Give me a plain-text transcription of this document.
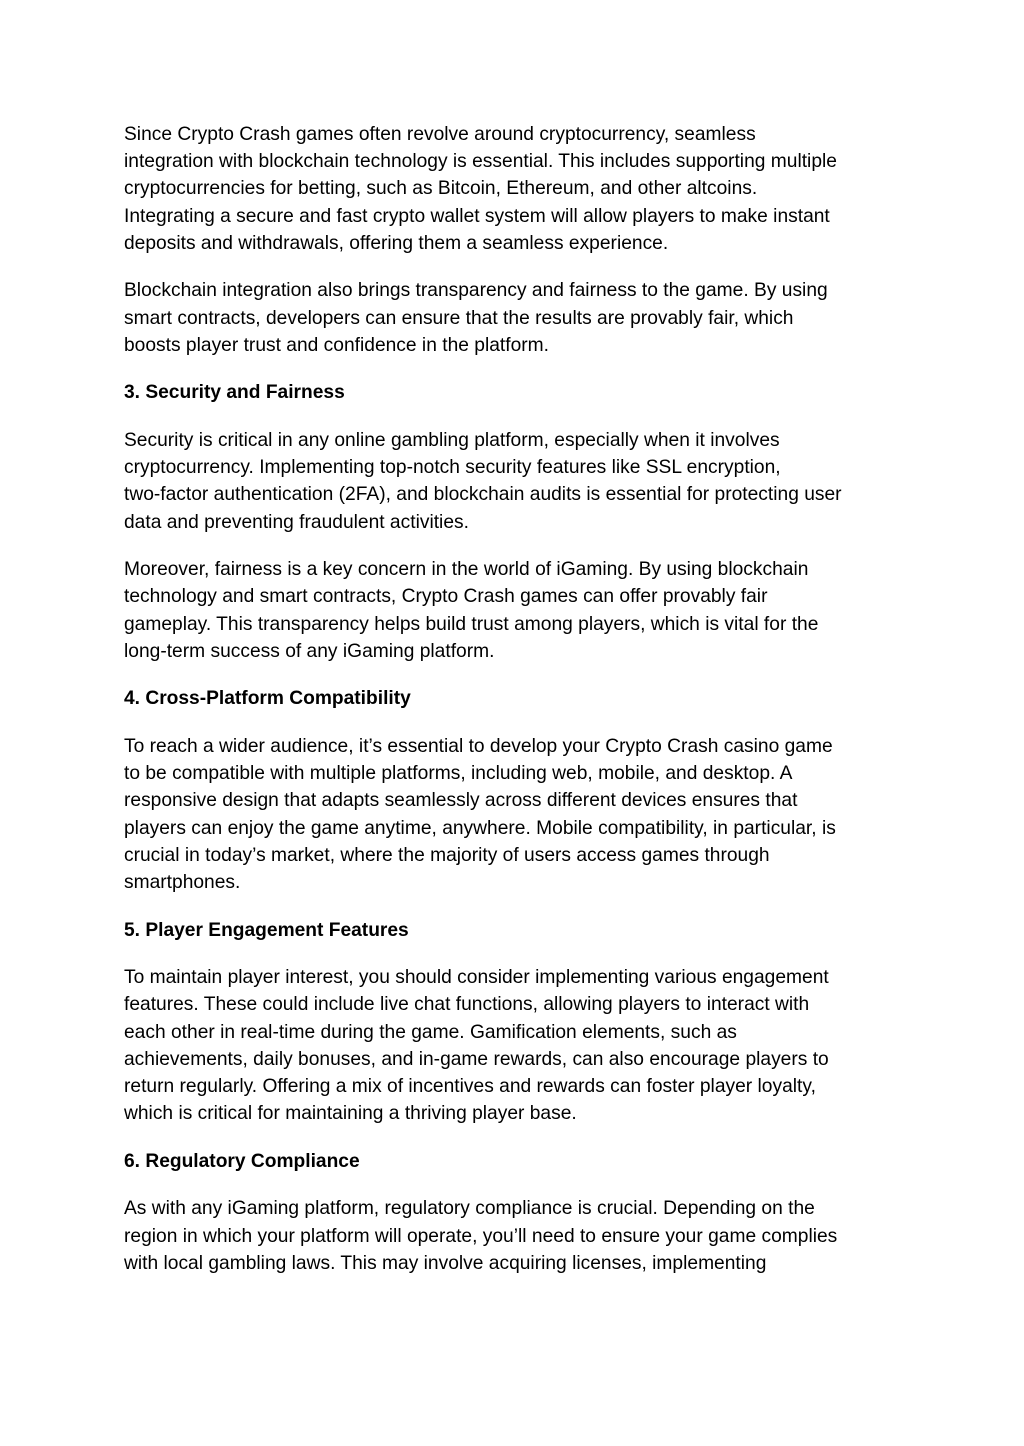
Since Crypto Crash games often revolve around cryptocurrency, seamless
integration with blockchain technology is essential. This includes supporting multiple
cryptocurrencies for betting, such as Bitcoin, Ethereum, and other altcoins.
Integrating a secure and fast crypto wallet system will allow players to make instant
deposits and withdrawals, offering them a seamless experience.
Blockchain integration also brings transparency and fairness to the game. By using
smart contracts, developers can ensure that the results are provably fair, which
boosts player trust and confidence in the platform.
3. Security and Fairness
Security is critical in any online gambling platform, especially when it involves
cryptocurrency. Implementing top-notch security features like SSL encryption,
two-factor authentication (2FA), and blockchain audits is essential for protecting user
data and preventing fraudulent activities.
Moreover, fairness is a key concern in the world of iGaming. By using blockchain
technology and smart contracts, Crypto Crash games can offer provably fair
gameplay. This transparency helps build trust among players, which is vital for the
long-term success of any iGaming platform.
4. Cross-Platform Compatibility
To reach a wider audience, it’s essential to develop your Crypto Crash casino game
to be compatible with multiple platforms, including web, mobile, and desktop. A
responsive design that adapts seamlessly across different devices ensures that
players can enjoy the game anytime, anywhere. Mobile compatibility, in particular, is
crucial in today’s market, where the majority of users access games through
smartphones.
5. Player Engagement Features
To maintain player interest, you should consider implementing various engagement
features. These could include live chat functions, allowing players to interact with
each other in real-time during the game. Gamification elements, such as
achievements, daily bonuses, and in-game rewards, can also encourage players to
return regularly. Offering a mix of incentives and rewards can foster player loyalty,
which is critical for maintaining a thriving player base.
6. Regulatory Compliance
As with any iGaming platform, regulatory compliance is crucial. Depending on the
region in which your platform will operate, you’ll need to ensure your game complies
with local gambling laws. This may involve acquiring licenses, implementing
